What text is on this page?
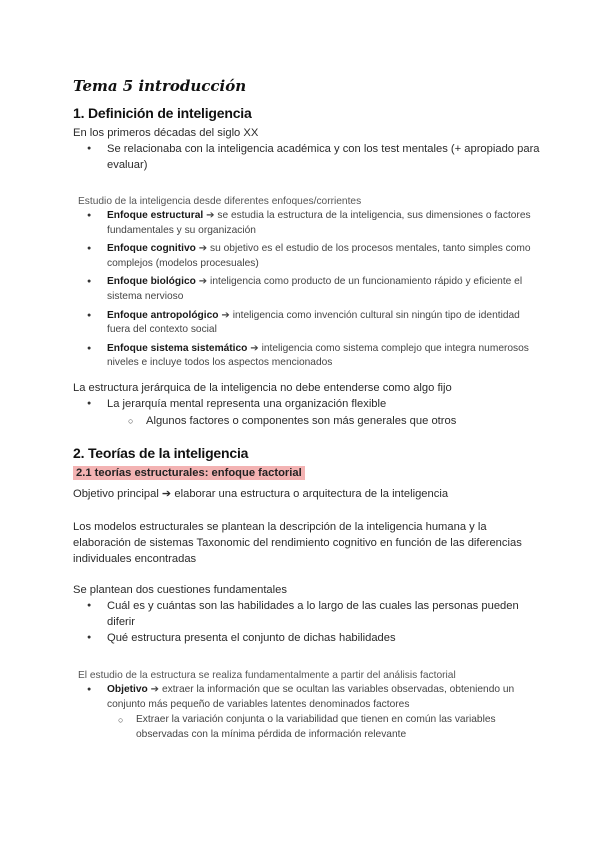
Tema 5 introducción
1. Definición de inteligencia
En los primeros décadas del siglo XX
● Se relacionaba con la inteligencia académica y con los test mentales (+ apropiado para evaluar)
Estudio de la inteligencia desde diferentes enfoques/corrientes
● Enfoque estructural ➔ se estudia la estructura de la inteligencia, sus dimensiones o factores fundamentales y su organización
● Enfoque cognitivo ➔ su objetivo es el estudio de los procesos mentales, tanto simples como complejos (modelos procesuales)
● Enfoque biológico ➔ inteligencia como producto de un funcionamiento rápido y eficiente el sistema nervioso
● Enfoque antropológico ➔ inteligencia como invención cultural sin ningún tipo de identidad fuera del contexto social
● Enfoque sistema sistemático ➔ inteligencia como sistema complejo que integra numerosos niveles e incluye todos los aspectos mencionados
La estructura jerárquica de la inteligencia no debe entenderse como algo fijo
● La jerarquía mental representa una organización flexible
○ Algunos factores o componentes son más generales que otros
2. Teorías de la inteligencia
2.1 teorías estructurales: enfoque factorial
Objetivo principal ➔ elaborar una estructura o arquitectura de la inteligencia
Los modelos estructurales se plantean la descripción de la inteligencia humana y la
elaboración de sistemas Taxonomic del rendimiento cognitivo en función de las diferencias
individuales encontradas
Se plantean dos cuestiones fundamentales
● Cuál es y cuántas son las habilidades a lo largo de las cuales las personas pueden diferir
● Qué estructura presenta el conjunto de dichas habilidades
El estudio de la estructura se realiza fundamentalmente a partir del análisis factorial
● Objetivo ➔ extraer la información que se ocultan las variables observadas, obteniendo un conjunto más pequeño de variables latentes denominados factores
○ Extraer la variación conjunta o la variabilidad que tienen en común las variables observadas con la mínima pérdida de información relevante
